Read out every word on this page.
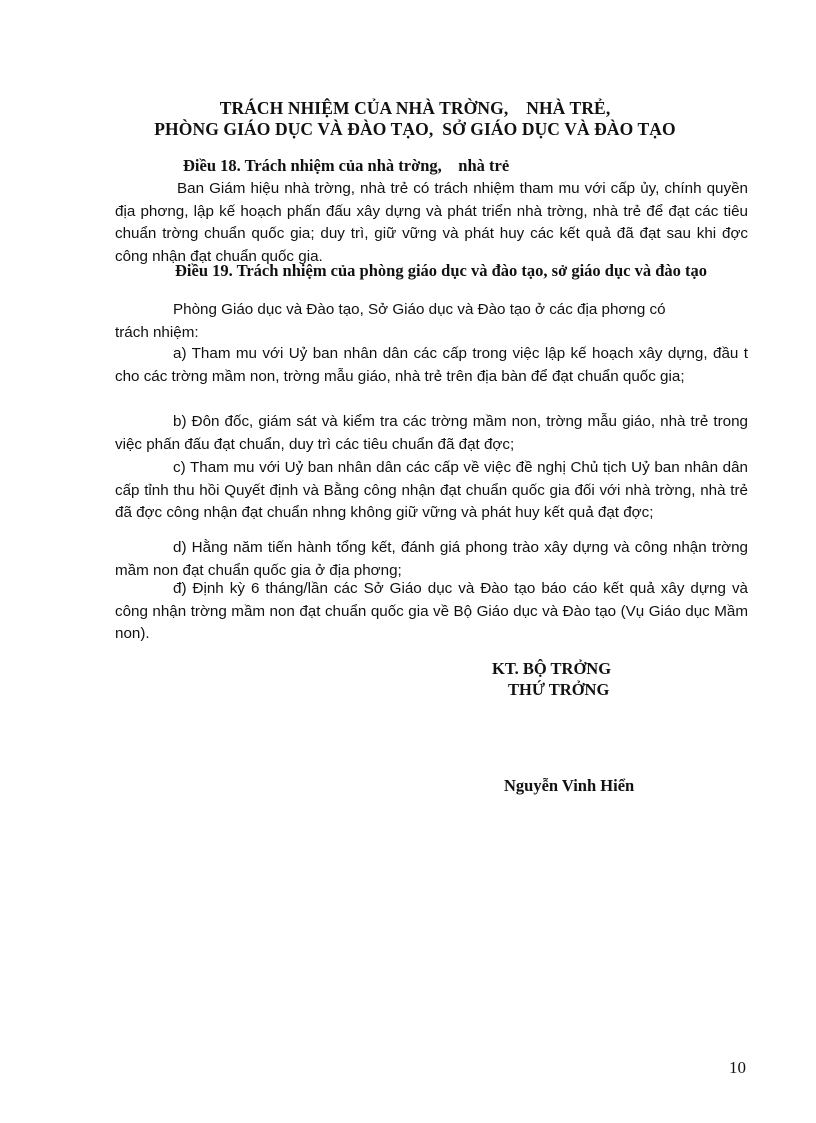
TRÁCH NHIỆM CỦA NHÀ TRỜNG,    NHÀ TRẺ,
PHÒNG GIÁO DỤC VÀ ĐÀO TẠO,  SỞ GIÁO DỤC VÀ ĐÀO TẠO
Điều 18. Trách nhiệm của nhà trờng,    nhà trẻ
Ban Giám hiệu nhà trờng, nhà trẻ có trách nhiệm tham mu với cấp ủy, chính quyền địa phơng, lập kế hoạch phấn đấu xây dựng và phát triển nhà trờng, nhà trẻ để đạt các tiêu chuẩn trờng chuẩn quốc gia; duy trì, giữ vững và phát huy các kết quả đã đạt sau khi đợc công nhận đạt chuẩn quốc gia.
Điều 19. Trách nhiệm của phòng giáo dục và đào tạo, sở giáo dục và đào tạo
Phòng Giáo dục và Đào tạo, Sở Giáo dục và Đào tạo ở các địa phơng có
trách nhiệm:
a) Tham mu với Uỷ ban nhân dân các cấp trong việc lập kế hoạch xây dựng, đầu t cho các trờng mầm non, trờng mẫu giáo, nhà trẻ trên địa bàn để đạt chuẩn quốc gia;
b) Đôn đốc, giám sát và kiểm tra các trờng mầm non, trờng mẫu giáo, nhà trẻ trong việc phấn đấu đạt chuẩn, duy trì các tiêu chuẩn đã đạt đợc;
c) Tham mu với Uỷ ban nhân dân các cấp về việc đề nghị Chủ tịch Uỷ ban nhân dân cấp tỉnh thu hồi Quyết định và Bằng công nhận đạt chuẩn quốc gia đối với nhà trờng, nhà trẻ đã đợc công nhận đạt chuẩn nhng không giữ vững và phát huy kết quả đạt đợc;
d) Hằng năm tiến hành tổng kết, đánh giá phong trào xây dựng và công nhận trờng mầm non đạt chuẩn quốc gia ở địa phơng;
đ) Định kỳ 6 tháng/lần các Sở Giáo dục và Đào tạo báo cáo kết quả xây dựng và công nhận trờng mầm non đạt chuẩn quốc gia về Bộ Giáo dục và Đào tạo (Vụ Giáo dục Mầm non).
KT. BỘ TRỞNG
THỨ TRỞNG
Nguyễn Vinh Hiển
10
